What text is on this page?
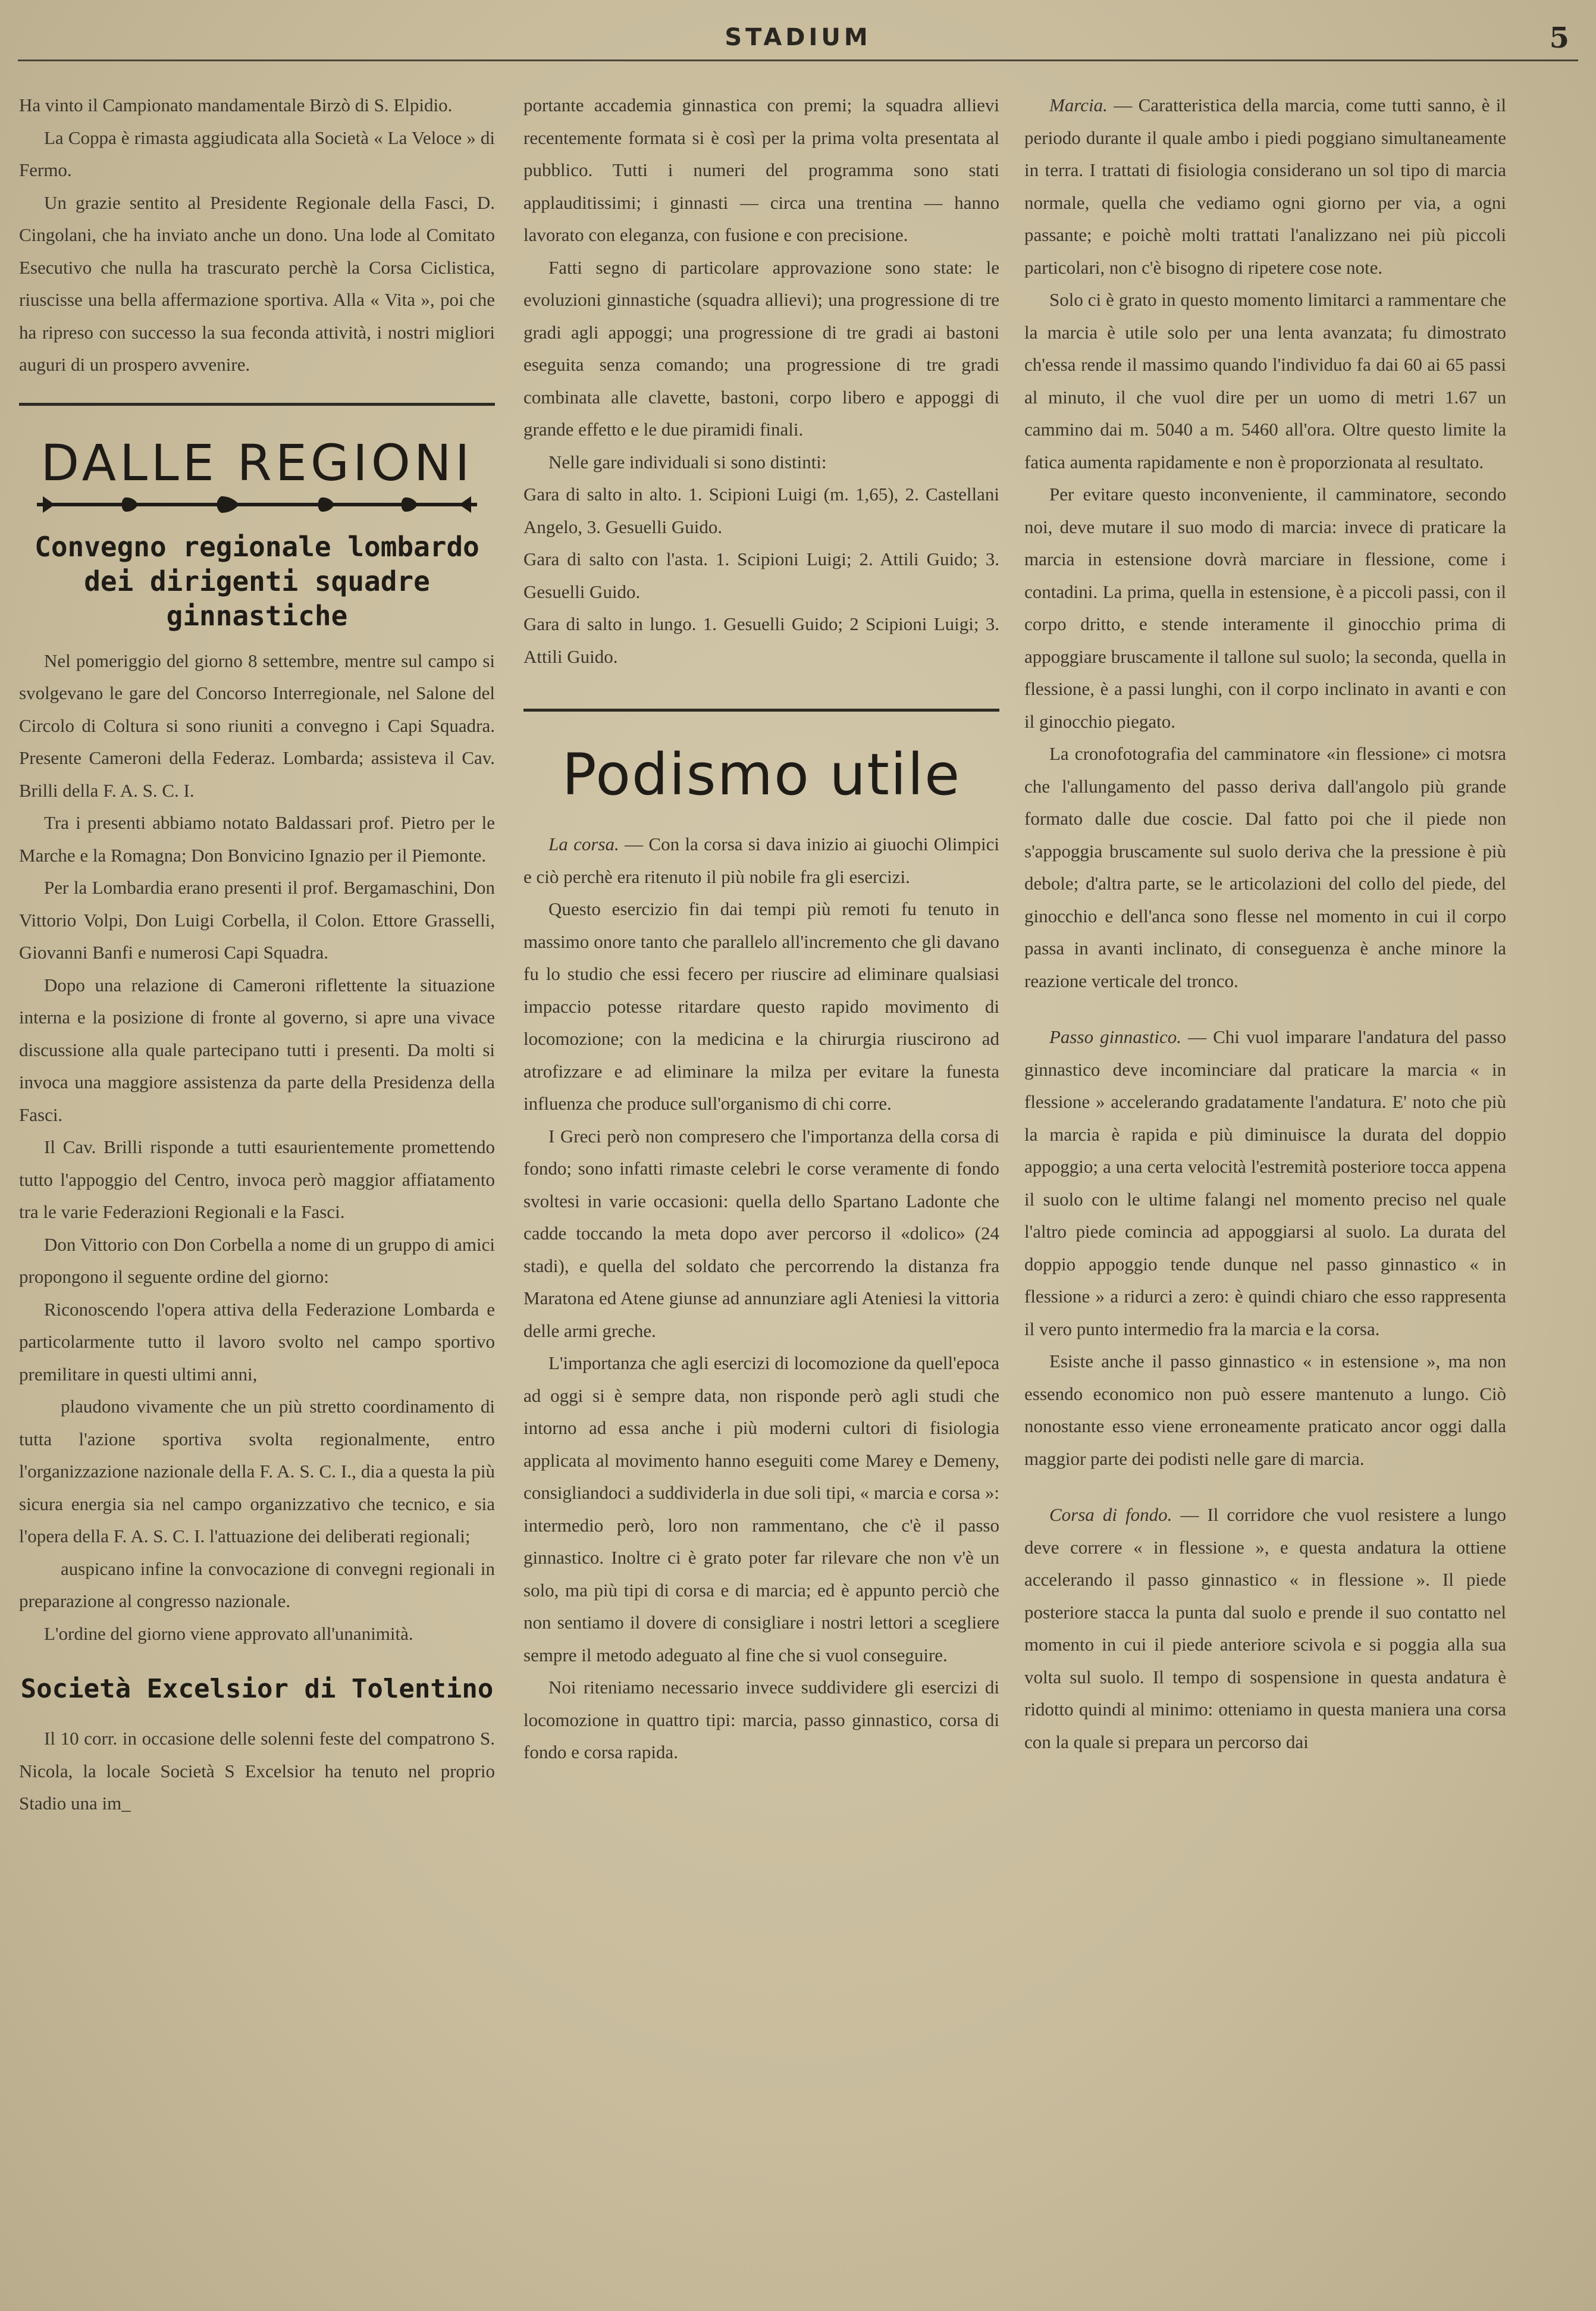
STADIUM	5

Ha vinto il Campionato mandamentale Birzò di S. Elpidio.

La Coppa è rimasta aggiudicata alla Società « La Veloce » di Fermo.

Un grazie sentito al Presidente Regionale della Fasci, D. Cingolani, che ha inviato anche un dono. Una lode al Comitato Esecutivo che nulla ha trascurato perchè la Corsa Ciclistica, riuscisse una bella affermazione sportiva. Alla « Vita », poi che ha ripreso con successo la sua feconda attività, i nostri migliori auguri di un prospero avvenire.

DALLE REGIONI
Convegno regionale lombardo dei dirigenti squadre ginnastiche

Nel pomeriggio del giorno 8 settembre, mentre sul campo si svolgevano le gare del Concorso Interregionale, nel Salone del Circolo di Coltura si sono riuniti a convegno i Capi Squadra. Presente Cameroni della Federaz. Lombarda; assisteva il Cav. Brilli della F. A. S. C. I.

Tra i presenti abbiamo notato Baldassari prof. Pietro per le Marche e la Romagna; Don Bonvicino Ignazio per il Piemonte.

Per la Lombardia erano presenti il prof. Bergamaschini, Don Vittorio Volpi, Don Luigi Corbella, il Colon. Ettore Grasselli, Giovanni Banfi e numerosi Capi Squadra.

Dopo una relazione di Cameroni riflettente la situazione interna e la posizione di fronte al governo, si apre una vivace discussione alla quale partecipano tutti i presenti. Da molti si invoca una maggiore assistenza da parte della Presidenza della Fasci.

Il Cav. Brilli risponde a tutti esaurientemente promettendo tutto l'appoggio del Centro, invoca però maggior affiatamento tra le varie Federazioni Regionali e la Fasci.

Don Vittorio con Don Corbella a nome di un gruppo di amici propongono il seguente ordine del giorno:

Riconoscendo l'opera attiva della Federazione Lombarda e particolarmente tutto il lavoro svolto nel campo sportivo premilitare in questi ultimi anni,

plaudono vivamente che un più stretto coordinamento di tutta l'azione sportiva svolta regionalmente, entro l'organizzazione nazionale della F. A. S. C. I., dia a questa la più sicura energia sia nel campo organizzativo che tecnico, e sia l'opera della F. A. S. C. I. l'attuazione dei deliberati regionali;

auspicano infine la convocazione di convegni regionali in preparazione al congresso nazionale.

L'ordine del giorno viene approvato all'unanimità.

Società Excelsior di Tolentino

Il 10 corr. in occasione delle solenni feste del compatrono S. Nicola, la locale Società S Excelsior ha tenuto nel proprio Stadio una im_

portante accademia ginnastica con premi; la squadra allievi recentemente formata si è così per la prima volta presentata al pubblico. Tutti i numeri del programma sono stati applauditissimi; i ginnasti — circa una trentina — hanno lavorato con eleganza, con fusione e con precisione.

Fatti segno di particolare approvazione sono state: le evoluzioni ginnastiche (squadra allievi); una progressione di tre gradi agli appoggi; una progressione di tre gradi ai bastoni eseguita senza comando; una progressione di tre gradi combinata alle clavette, bastoni, corpo libero e appoggi di grande effetto e le due piramidi finali.

Nelle gare individuali si sono distinti:

Gara di salto in alto. 1. Scipioni Luigi (m. 1,65), 2. Castellani Angelo, 3. Gesuelli Guido.

Gara di salto con l'asta. 1. Scipioni Luigi; 2. Attili Guido; 3. Gesuelli Guido.

Gara di salto in lungo. 1. Gesuelli Guido; 2 Scipioni Luigi; 3. Attili Guido.

Podismo utile

La corsa. — Con la corsa si dava inizio ai giuochi Olimpici e ciò perchè era ritenuto il più nobile fra gli esercizi.

Questo esercizio fin dai tempi più remoti fu tenuto in massimo onore tanto che parallelo all'incremento che gli davano fu lo studio che essi fecero per riuscire ad eliminare qualsiasi impaccio potesse ritardare questo rapido movimento di locomozione; con la medicina e la chirurgia riuscirono ad atrofizzare e ad eliminare la milza per evitare la funesta influenza che produce sull'organismo di chi corre.

I Greci però non compresero che l'importanza della corsa di fondo; sono infatti rimaste celebri le corse veramente di fondo svoltesi in varie occasioni: quella dello Spartano Ladonte che cadde toccando la meta dopo aver percorso il «dolico» (24 stadi), e quella del soldato che percorrendo la distanza fra Maratona ed Atene giunse ad annunziare agli Ateniesi la vittoria delle armi greche.

L'importanza che agli esercizi di locomozione da quell'epoca ad oggi si è sempre data, non risponde però agli studi che intorno ad essa anche i più moderni cultori di fisiologia applicata al movimento hanno eseguiti come Marey e Demeny, consigliandoci a suddividerla in due soli tipi, « marcia e corsa »: intermedio però, loro non rammentano, che c'è il passo ginnastico. Inoltre ci è grato poter far rilevare che non v'è un solo, ma più tipi di corsa e di marcia; ed è appunto perciò che non sentiamo il dovere di consigliare i nostri lettori a scegliere sempre il metodo adeguato al fine che si vuol conseguire.

Noi riteniamo necessario invece suddividere gli esercizi di locomozione in quattro tipi: marcia, passo ginnastico, corsa di fondo e corsa rapida.

Marcia. — Caratteristica della marcia, come tutti sanno, è il periodo durante il quale ambo i piedi poggiano simultaneamente in terra. I trattati di fisiologia considerano un sol tipo di marcia normale, quella che vediamo ogni giorno per via, a ogni passante; e poichè molti trattati l'analizzano nei più piccoli particolari, non c'è bisogno di ripetere cose note.

Solo ci è grato in questo momento limitarci a rammentare che la marcia è utile solo per una lenta avanzata; fu dimostrato ch'essa rende il massimo quando l'individuo fa dai 60 ai 65 passi al minuto, il che vuol dire per un uomo di metri 1.67 un cammino dai m. 5040 a m. 5460 all'ora. Oltre questo limite la fatica aumenta rapidamente e non è proporzionata al resultato.

Per evitare questo inconveniente, il camminatore, secondo noi, deve mutare il suo modo di marcia: invece di praticare la marcia in estensione dovrà marciare in flessione, come i contadini. La prima, quella in estensione, è a piccoli passi, con il corpo dritto, e stende interamente il ginocchio prima di appoggiare bruscamente il tallone sul suolo; la seconda, quella in flessione, è a passi lunghi, con il corpo inclinato in avanti e con il ginocchio piegato.

La cronofotografia del camminatore «in flessione» ci motsra che l'allungamento del passo deriva dall'angolo più grande formato dalle due coscie. Dal fatto poi che il piede non s'appoggia bruscamente sul suolo deriva che la pressione è più debole; d'altra parte, se le articolazioni del collo del piede, del ginocchio e dell'anca sono flesse nel momento in cui il corpo passa in avanti inclinato, di conseguenza è anche minore la reazione verticale del tronco.

Passo ginnastico. — Chi vuol imparare l'andatura del passo ginnastico deve incominciare dal praticare la marcia « in flessione » accelerando gradatamente l'andatura. E' noto che più la marcia è rapida e più diminuisce la durata del doppio appoggio; a una certa velocità l'estremità posteriore tocca appena il suolo con le ultime falangi nel momento preciso nel quale l'altro piede comincia ad appoggiarsi al suolo. La durata del doppio appoggio tende dunque nel passo ginnastico « in flessione » a ridurci a zero: è quindi chiaro che esso rappresenta il vero punto intermedio fra la marcia e la corsa.

Esiste anche il passo ginnastico « in estensione », ma non essendo economico non può essere mantenuto a lungo. Ciò nonostante esso viene erroneamente praticato ancor oggi dalla maggior parte dei podisti nelle gare di marcia.

Corsa di fondo. — Il corridore che vuol resistere a lungo deve correre « in flessione », e questa andatura la ottiene accelerando il passo ginnastico « in flessione ». Il piede posteriore stacca la punta dal suolo e prende il suo contatto nel momento in cui il piede anteriore scivola e si poggia alla sua volta sul suolo. Il tempo di sospensione in questa andatura è ridotto quindi al minimo: otteniamo in questa maniera una corsa con la quale si prepara un percorso dai
